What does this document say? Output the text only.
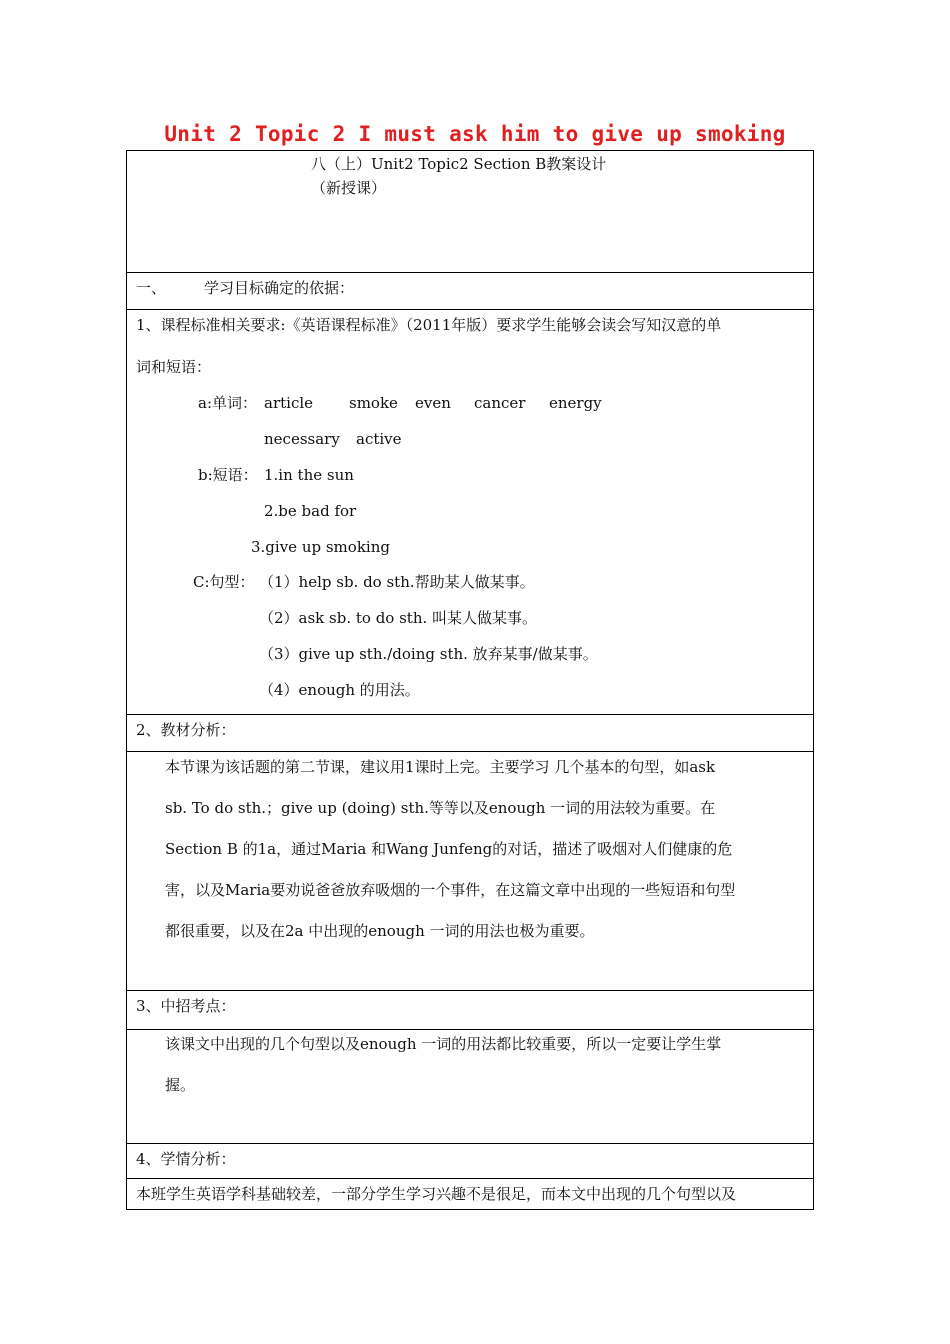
Unit 2 Topic 2 I must ask him to give up smoking
八（上）Unit2 Topic2 Section B教案设计
（新授课）
一、	学习目标确定的依据：
1、课程标准相关要求:《英语课程标准》（2011年版）要求学生能够会读会写知汉意的单
词和短语：
a:单词： article smoke even cancer energy
necessary active
b:短语： 1.in the sun
2.be bad for
3.give up smoking
C:句型： （1）help sb. do sth.帮助某人做某事。
（2）ask sb. to do sth. 叫某人做某事。
（3）give up sth./doing sth. 放弃某事/做某事。
（4）enough 的用法。
2、教材分析：
本节课为该话题的第二节课，建议用1课时上完。主要学习 几个基本的句型，如ask
sb. To do sth.；give up (doing) sth.等等以及enough 一词的用法较为重要。在
Section B 的1a，通过Maria 和Wang Junfeng的对话，描述了吸烟对人们健康的危
害，以及Maria要劝说爸爸放弃吸烟的一个事件，在这篇文章中出现的一些短语和句型
都很重要，以及在2a 中出现的enough 一词的用法也极为重要。
3、中招考点：
该课文中出现的几个句型以及enough 一词的用法都比较重要，所以一定要让学生掌
握。
4、学情分析：
本班学生英语学科基础较差，一部分学生学习兴趣不是很足，而本文中出现的几个句型以及
